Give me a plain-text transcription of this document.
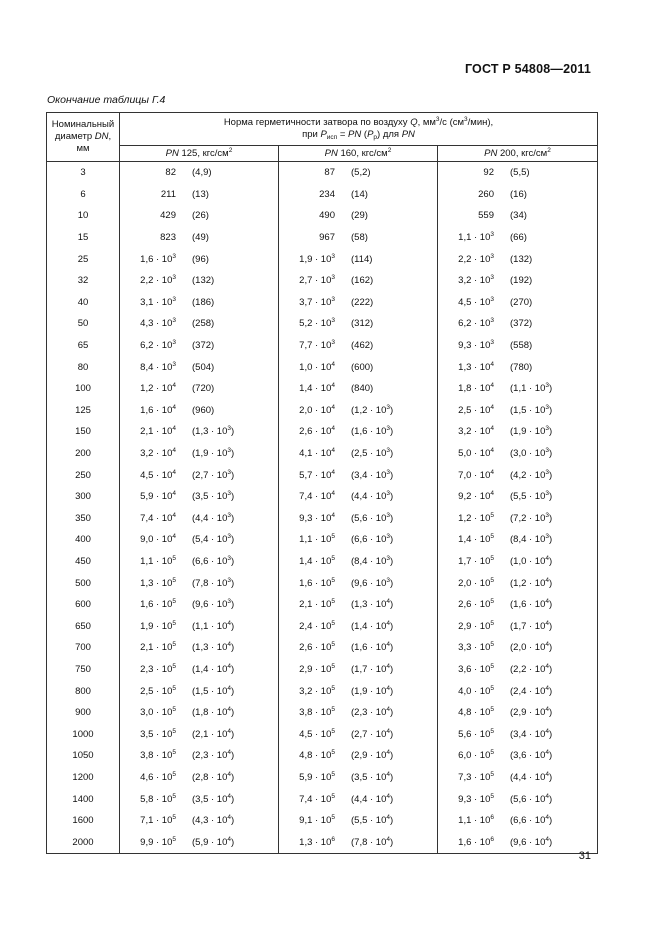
ГОСТ Р 54808—2011
Окончание таблицы Г.4
Номинальный
диаметр DN,
мм	Норма герметичности затвора по воздуху Q, $мм^3/с$ $(см^3/мин)$,
при $P_{исп}$ = PN $(P_p)$ для PN		
	PN 125, кгс/$см^2$	PN 160, кгс/$см^2$	PN 200, кгс/$см^2$
3	82 (4,9)	87 (5,2)	92 (5,5)

6	211 (13)	234 (14)	260 (16)

10	429 (26)	490 (29)	559 (34)

15	823 (49)	967 (58)	$1,1 \cdot 10^3$ (66)

25	$1,6 \cdot 10^3$ (96)	$1,9 \cdot 10^3$ (114)	$2,2 \cdot 10^3$ (132)

32	$2,2 \cdot 10^3$ (132)	$2,7 \cdot 10^3$ (162)	$3,2 \cdot 10^3$ (192)

40	$3,1 \cdot 10^3$ (186)	$3,7 \cdot 10^3$ (222)	$4,5 \cdot 10^3$ (270)

50	$4,3 \cdot 10^3$ (258)	$5,2 \cdot 10^3$ (312)	$6,2 \cdot 10^3$ (372)

65	$6,2 \cdot 10^3$ (372)	$7,7 \cdot 10^3$ (462)	$9,3 \cdot 10^3$ (558)

80	$8,4 \cdot 10^3$ (504)	$1,0 \cdot 10^4$ (600)	$1,3 \cdot 10^4$ (780)

100	$1,2 \cdot 10^4$ (720)	$1,4 \cdot 10^4$ (840)	$1,8 \cdot 10^4$ $(1,1 \cdot 10^3)$

125	$1,6 \cdot 10^4$ (960)	$2,0 \cdot 10^4$ $(1,2 \cdot 10^3)$	$2,5 \cdot 10^4$ $(1,5 \cdot 10^3)$

150	$2,1 \cdot 10^4$ $(1,3 \cdot 10^3)$	$2,6 \cdot 10^4$ $(1,6 \cdot 10^3)$	$3,2 \cdot 10^4$ $(1,9 \cdot 10^3)$

200	$3,2 \cdot 10^4$ $(1,9 \cdot 10^3)$	$4,1 \cdot 10^4$ $(2,5 \cdot 10^3)$	$5,0 \cdot 10^4$ $(3,0 \cdot 10^3)$

250	$4,5 \cdot 10^4$ $(2,7 \cdot 10^3)$	$5,7 \cdot 10^4$ $(3,4 \cdot 10^3)$	$7,0 \cdot 10^4$ $(4,2 \cdot 10^3)$

300	$5,9 \cdot 10^4$ $(3,5 \cdot 10^3)$	$7,4 \cdot 10^4$ $(4,4 \cdot 10^3)$	$9,2 \cdot 10^4$ $(5,5 \cdot 10^3)$

350	$7,4 \cdot 10^4$ $(4,4 \cdot 10^3)$	$9,3 \cdot 10^4$ $(5,6 \cdot 10^3)$	$1,2 \cdot 10^5$ $(7,2 \cdot 10^3)$

400	$9,0 \cdot 10^4$ $(5,4 \cdot 10^3)$	$1,1 \cdot 10^5$ $(6,6 \cdot 10^3)$	$1,4 \cdot 10^5$ $(8,4 \cdot 10^3)$

450	$1,1 \cdot 10^5$ $(6,6 \cdot 10^3)$	$1,4 \cdot 10^5$ $(8,4 \cdot 10^3)$	$1,7 \cdot 10^5$ $(1,0 \cdot 10^4)$

500	$1,3 \cdot 10^5$ $(7,8 \cdot 10^3)$	$1,6 \cdot 10^5$ $(9,6 \cdot 10^3)$	$2,0 \cdot 10^5$ $(1,2 \cdot 10^4)$

600	$1,6 \cdot 10^5$ $(9,6 \cdot 10^3)$	$2,1 \cdot 10^5$ $(1,3 \cdot 10^4)$	$2,6 \cdot 10^5$ $(1,6 \cdot 10^4)$

650	$1,9 \cdot 10^5$ $(1,1 \cdot 10^4)$	$2,4 \cdot 10^5$ $(1,4 \cdot 10^4)$	$2,9 \cdot 10^5$ $(1,7 \cdot 10^4)$

700	$2,1 \cdot 10^5$ $(1,3 \cdot 10^4)$	$2,6 \cdot 10^5$ $(1,6 \cdot 10^4)$	$3,3 \cdot 10^5$ $(2,0 \cdot 10^4)$

750	$2,3 \cdot 10^5$ $(1,4 \cdot 10^4)$	$2,9 \cdot 10^5$ $(1,7 \cdot 10^4)$	$3,6 \cdot 10^5$ $(2,2 \cdot 10^4)$

800	$2,5 \cdot 10^5$ $(1,5 \cdot 10^4)$	$3,2 \cdot 10^5$ $(1,9 \cdot 10^4)$	$4,0 \cdot 10^5$ $(2,4 \cdot 10^4)$

900	$3,0 \cdot 10^5$ $(1,8 \cdot 10^4)$	$3,8 \cdot 10^5$ $(2,3 \cdot 10^4)$	$4,8 \cdot 10^5$ $(2,9 \cdot 10^4)$

1000	$3,5 \cdot 10^5$ $(2,1 \cdot 10^4)$	$4,5 \cdot 10^5$ $(2,7 \cdot 10^4)$	$5,6 \cdot 10^5$ $(3,4 \cdot 10^4)$

1050	$3,8 \cdot 10^5$ $(2,3 \cdot 10^4)$	$4,8 \cdot 10^5$ $(2,9 \cdot 10^4)$	$6,0 \cdot 10^5$ $(3,6 \cdot 10^4)$

1200	$4,6 \cdot 10^5$ $(2,8 \cdot 10^4)$	$5,9 \cdot 10^5$ $(3,5 \cdot 10^4)$	$7,3 \cdot 10^5$ $(4,4 \cdot 10^4)$

1400	$5,8 \cdot 10^5$ $(3,5 \cdot 10^4)$	$7,4 \cdot 10^5$ $(4,4 \cdot 10^4)$	$9,3 \cdot 10^5$ $(5,6 \cdot 10^4)$

1600	$7,1 \cdot 10^5$ $(4,3 \cdot 10^4)$	$9,1 \cdot 10^5$ $(5,5 \cdot 10^4)$	$1,1 \cdot 10^6$ $(6,6 \cdot 10^4)$

2000	$9,9 \cdot 10^5$ $(5,9 \cdot 10^4)$	$1,3 \cdot 10^6$ $(7,8 \cdot 10^4)$	$1,6 \cdot 10^6$ $(9,6 \cdot 10^4)$
31
